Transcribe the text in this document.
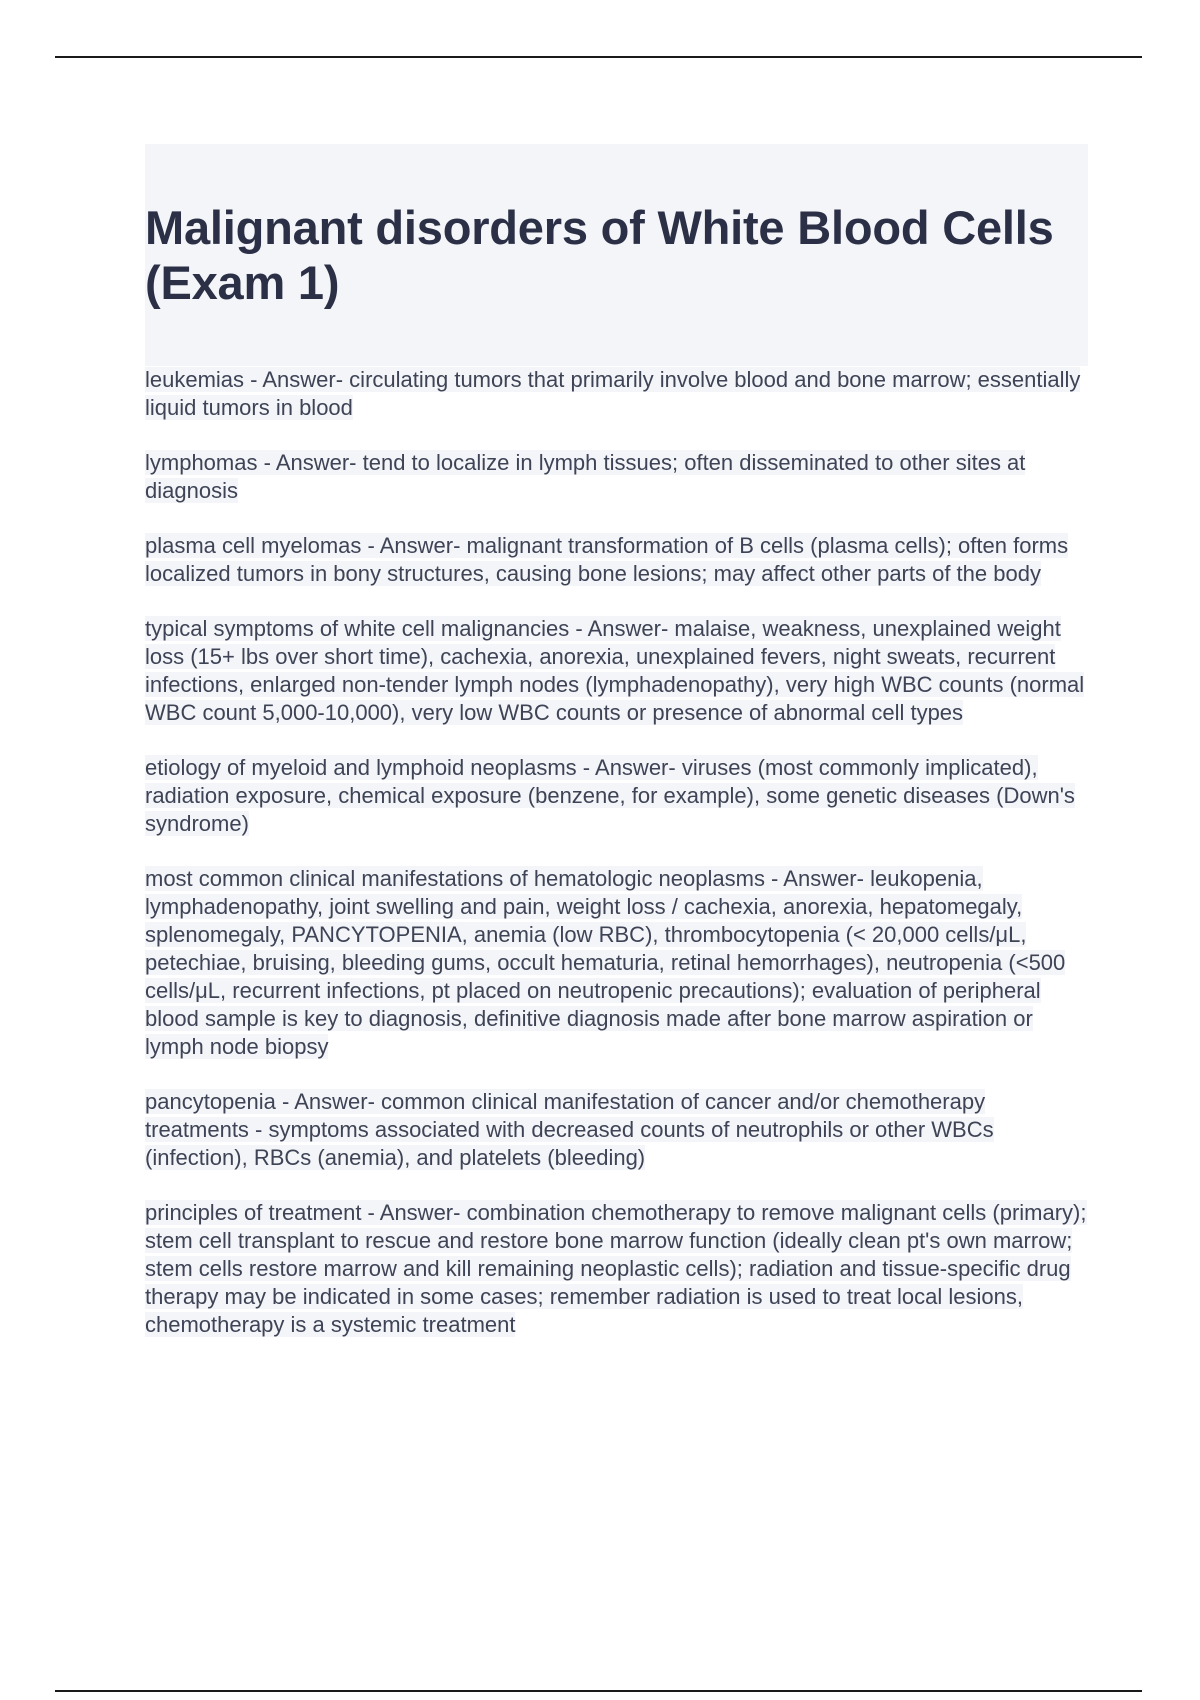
Malignant disorders of White Blood Cells (Exam 1)

leukemias - Answer- circulating tumors that primarily involve blood and bone marrow; essentially liquid tumors in blood

lymphomas - Answer- tend to localize in lymph tissues; often disseminated to other sites at diagnosis

plasma cell myelomas - Answer- malignant transformation of B cells (plasma cells); often forms localized tumors in bony structures, causing bone lesions; may affect other parts of the body

typical symptoms of white cell malignancies - Answer- malaise, weakness, unexplained weight loss (15+ lbs over short time), cachexia, anorexia, unexplained fevers, night sweats, recurrent infections, enlarged non-tender lymph nodes (lymphadenopathy), very high WBC counts (normal WBC count 5,000-10,000), very low WBC counts or presence of abnormal cell types

etiology of myeloid and lymphoid neoplasms - Answer- viruses (most commonly implicated), radiation exposure, chemical exposure (benzene, for example), some genetic diseases (Down's syndrome)

most common clinical manifestations of hematologic neoplasms - Answer- leukopenia, lymphadenopathy, joint swelling and pain, weight loss / cachexia, anorexia, hepatomegaly, splenomegaly, PANCYTOPENIA, anemia (low RBC), thrombocytopenia (< 20,000 cells/μL, petechiae, bruising, bleeding gums, occult hematuria, retinal hemorrhages), neutropenia (<500 cells/μL, recurrent infections, pt placed on neutropenic precautions); evaluation of peripheral blood sample is key to diagnosis, definitive diagnosis made after bone marrow aspiration or lymph node biopsy

pancytopenia - Answer- common clinical manifestation of cancer and/or chemotherapy treatments - symptoms associated with decreased counts of neutrophils or other WBCs (infection), RBCs (anemia), and platelets (bleeding)

principles of treatment - Answer- combination chemotherapy to remove malignant cells (primary); stem cell transplant to rescue and restore bone marrow function (ideally clean pt's own marrow; stem cells restore marrow and kill remaining neoplastic cells); radiation and tissue-specific drug therapy may be indicated in some cases; remember radiation is used to treat local lesions, chemotherapy is a systemic treatment
